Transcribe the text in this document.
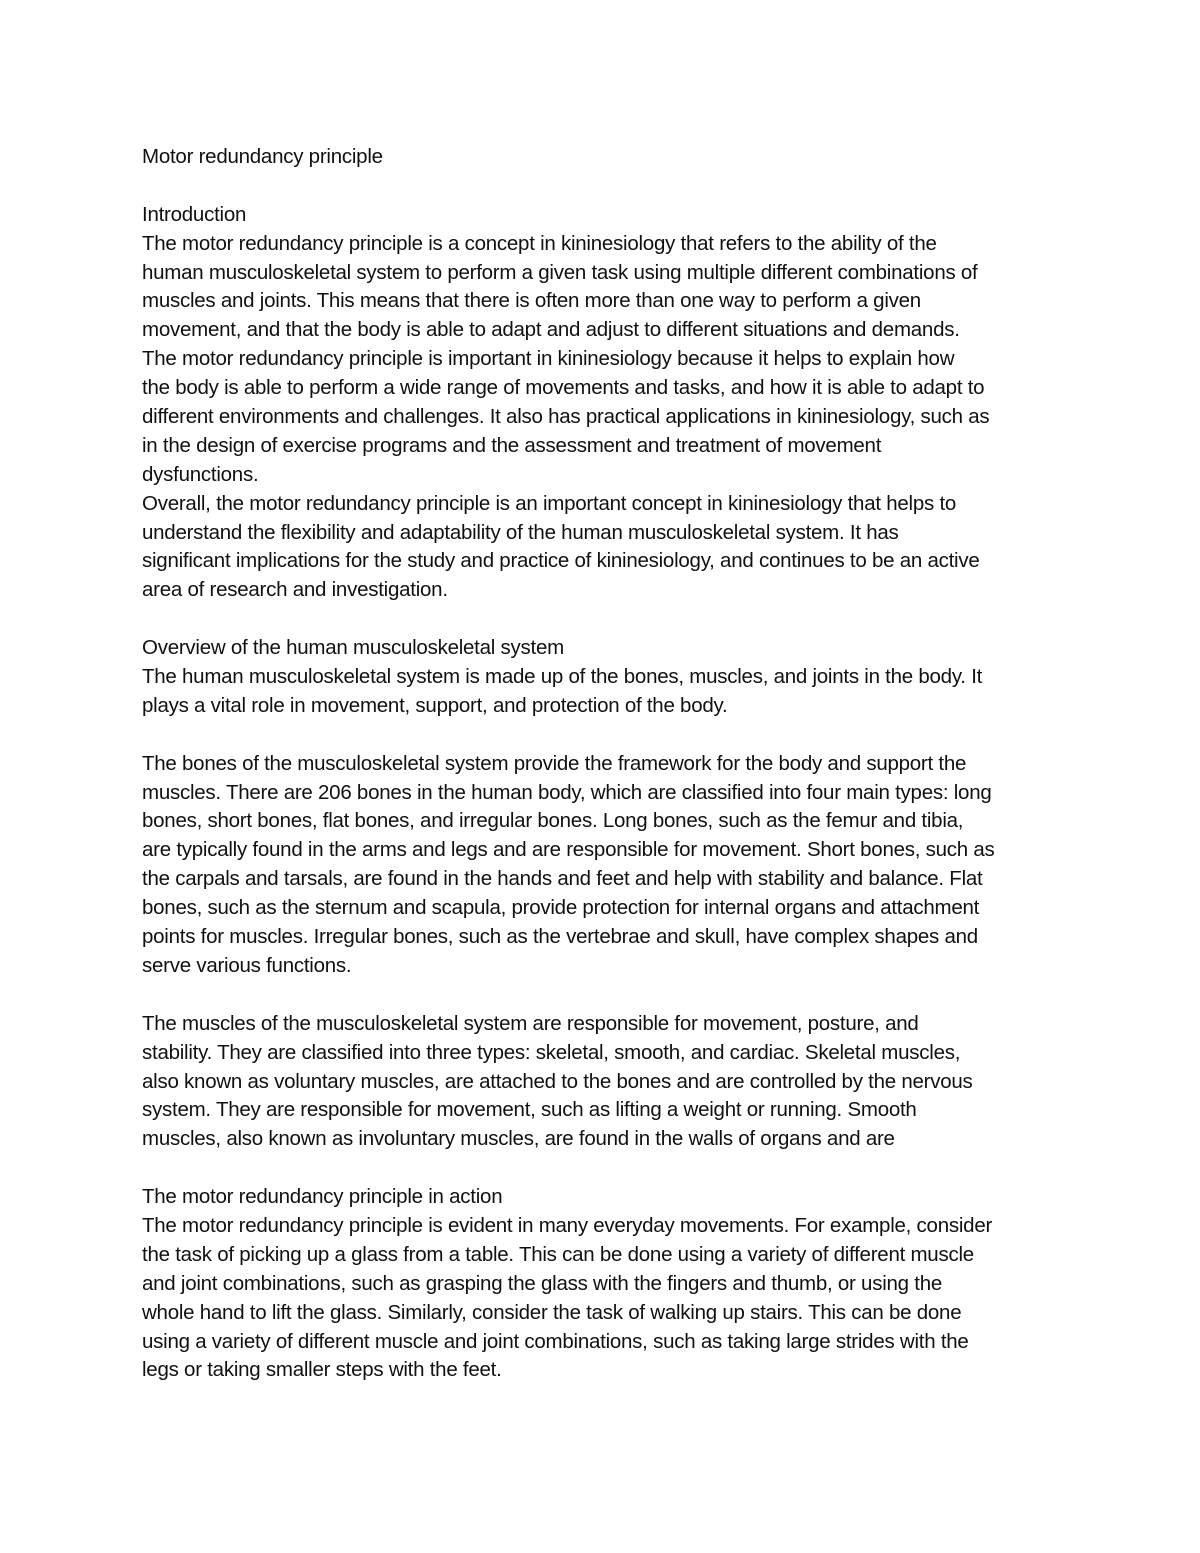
Motor redundancy principle
Introduction
The motor redundancy principle is a concept in kininesiology that refers to the ability of the
human musculoskeletal system to perform a given task using multiple different combinations of
muscles and joints. This means that there is often more than one way to perform a given
movement, and that the body is able to adapt and adjust to different situations and demands.
The motor redundancy principle is important in kininesiology because it helps to explain how
the body is able to perform a wide range of movements and tasks, and how it is able to adapt to
different environments and challenges. It also has practical applications in kininesiology, such as
in the design of exercise programs and the assessment and treatment of movement
dysfunctions.
Overall, the motor redundancy principle is an important concept in kininesiology that helps to
understand the flexibility and adaptability of the human musculoskeletal system. It has
significant implications for the study and practice of kininesiology, and continues to be an active
area of research and investigation.
Overview of the human musculoskeletal system
The human musculoskeletal system is made up of the bones, muscles, and joints in the body. It
plays a vital role in movement, support, and protection of the body.
The bones of the musculoskeletal system provide the framework for the body and support the
muscles. There are 206 bones in the human body, which are classified into four main types: long
bones, short bones, flat bones, and irregular bones. Long bones, such as the femur and tibia,
are typically found in the arms and legs and are responsible for movement. Short bones, such as
the carpals and tarsals, are found in the hands and feet and help with stability and balance. Flat
bones, such as the sternum and scapula, provide protection for internal organs and attachment
points for muscles. Irregular bones, such as the vertebrae and skull, have complex shapes and
serve various functions.
The muscles of the musculoskeletal system are responsible for movement, posture, and
stability. They are classified into three types: skeletal, smooth, and cardiac. Skeletal muscles,
also known as voluntary muscles, are attached to the bones and are controlled by the nervous
system. They are responsible for movement, such as lifting a weight or running. Smooth
muscles, also known as involuntary muscles, are found in the walls of organs and are
The motor redundancy principle in action
The motor redundancy principle is evident in many everyday movements. For example, consider
the task of picking up a glass from a table. This can be done using a variety of different muscle
and joint combinations, such as grasping the glass with the fingers and thumb, or using the
whole hand to lift the glass. Similarly, consider the task of walking up stairs. This can be done
using a variety of different muscle and joint combinations, such as taking large strides with the
legs or taking smaller steps with the feet.
